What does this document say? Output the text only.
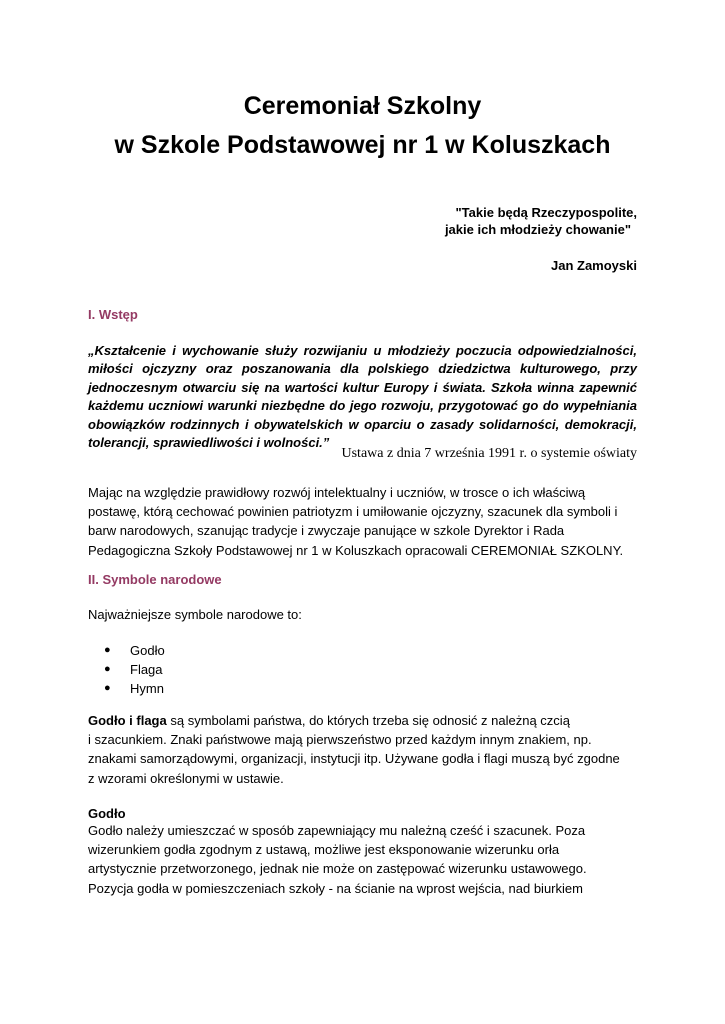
Ceremoniał Szkolny
w Szkole Podstawowej nr 1 w Koluszkach
"Takie będą Rzeczypospolite,
jakie ich młodzieży chowanie"
Jan Zamoyski
I. Wstęp

„Kształcenie i wychowanie służy rozwijaniu u młodzieży poczucia odpowiedzialności, miłości ojczyzny oraz poszanowania dla polskiego dziedzictwa kulturowego, przy jednoczesnym otwarciu się na wartości kultur Europy i świata. Szkoła winna zapewnić każdemu uczniowi warunki niezbędne do jego rozwoju, przygotować go do wypełniania obowiązków rodzinnych i obywatelskich w oparciu o zasady solidarności, demokracji, tolerancji, sprawiedliwości i wolności.”

Ustawa z dnia 7 września 1991 r. o systemie oświaty

Mając na względzie prawidłowy rozwój intelektualny i uczniów, w trosce o ich właściwą
postawę, którą cechować powinien patriotyzm i umiłowanie ojczyzny, szacunek dla symboli i
barw narodowych, szanując tradycje i zwyczaje panujące w szkole Dyrektor i Rada
Pedagogiczna Szkoły Podstawowej nr 1 w Koluszkach opracowali CEREMONIAŁ SZKOLNY.

II. Symbole narodowe

Najważniejsze symbole narodowe to:

● Godło
● Flaga
● Hymn

Godło i flaga są symbolami państwa, do których trzeba się odnosić z należną czcią
i szacunkiem. Znaki państwowe mają pierwszeństwo przed każdym innym znakiem, np.
znakami samorządowymi, organizacji, instytucji itp. Używane godła i flagi muszą być zgodne
z wzorami określonymi w ustawie.

Godło

Godło należy umieszczać w sposób zapewniający mu należną cześć i szacunek. Poza
wizerunkiem godła zgodnym z ustawą, możliwe jest eksponowanie wizerunku orła
artystycznie przetworzonego, jednak nie może on zastępować wizerunku ustawowego.
Pozycja godła w pomieszczeniach szkoły - na ścianie na wprost wejścia, nad biurkiem
